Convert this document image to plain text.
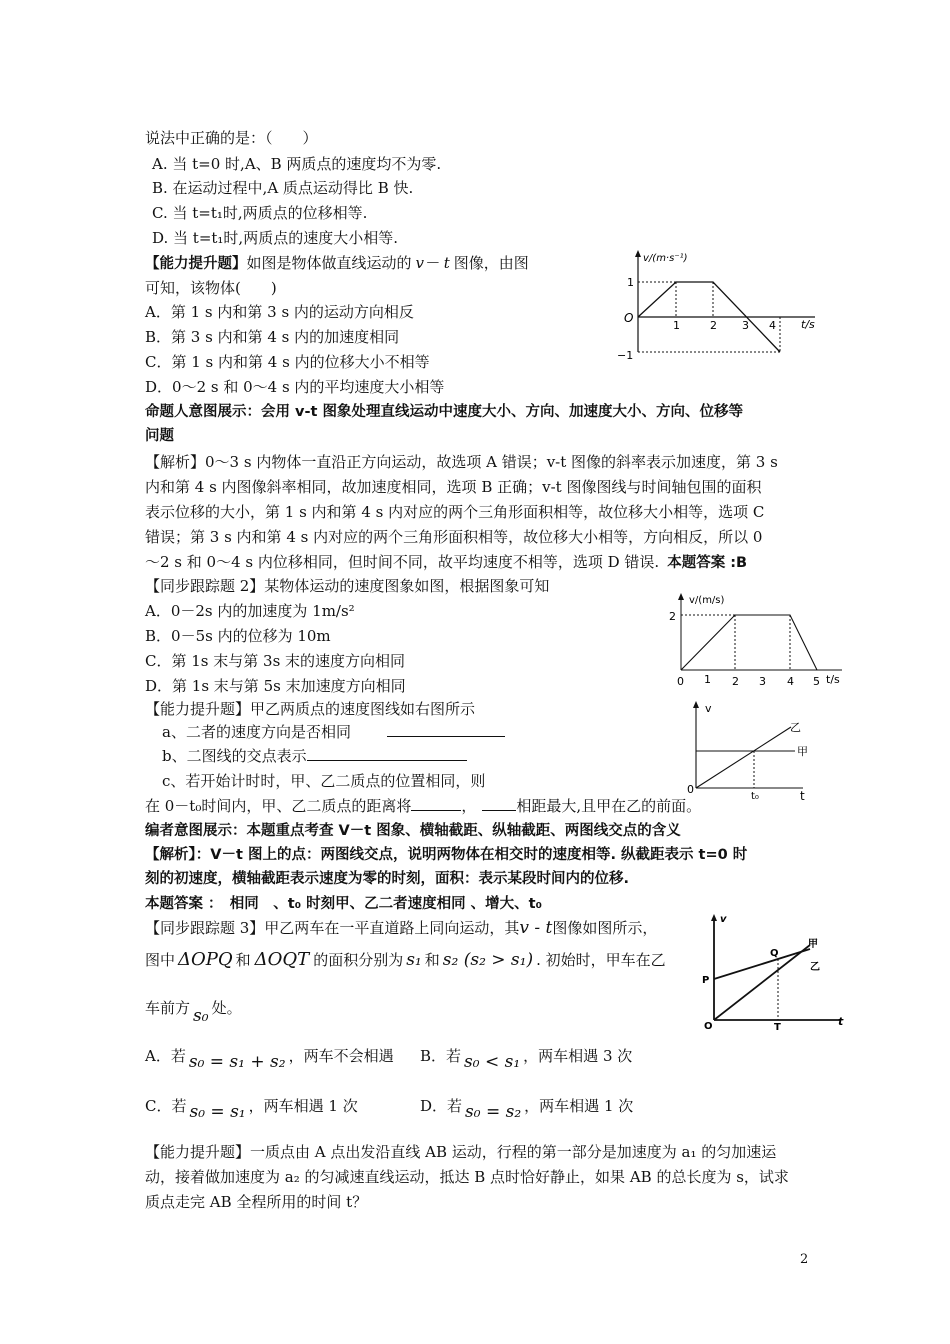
说法中正确的是：（　　）
A. 当 t=0 时,A、B 两质点的速度均不为零.
B. 在运动过程中,A 质点运动得比 B 快.
C. 当 t=t₁时,两质点的位移相等.
D. 当 t=t₁时,两质点的速度大小相等.
【能力提升题】如图是物体做直线运动的 v－ t 图像，由图
可知，该物体(　　)
A．第 1 s 内和第 3 s 内的运动方向相反
B．第 3 s 内和第 4 s 内的加速度相同
C．第 1 s 内和第 4 s 内的位移大小不相等
D．0～2 s 和 0～4 s 内的平均速度大小相等
命题人意图展示：会用 v-t 图象处理直线运动中速度大小、方向、加速度大小、方向、位移等
问题
【解析】0～3 s 内物体一直沿正方向运动，故选项 A 错误；v-t 图像的斜率表示加速度，第 3 s
内和第 4 s 内图像斜率相同，故加速度相同，选项 B 正确；v-t 图像图线与时间轴包围的面积
表示位移的大小，第 1 s 内和第 4 s 内对应的两个三角形面积相等，故位移大小相等，选项 C
错误；第 3 s 内和第 4 s 内对应的两个三角形面积相等，故位移大小相等，方向相反，所以 0
～2 s 和 0～4 s 内位移相同，但时间不同，故平均速度不相等，选项 D 错误. 本题答案 :B
v/(m·s⁻¹)
t/s
O
1
−1
1	2 3 4
【同步跟踪题 2】某物体运动的速度图象如图，根据图象可知
A．0－2s 内的加速度为 1m/s²
B．0－5s 内的位移为 10m
C．第 1s 末与第 3s 末的速度方向相同
D．第 1s 末与第 5s 末加速度方向相同
v/(m/s)
2
0 1 2 3 4 5 t/s
【能力提升题】甲乙两质点的速度图线如右图所示
a、二者的速度方向是否相同
b、二图线的交点表示
c、若开始计时时，甲、乙二质点的位置相同，则
在 0－t₀时间内，甲、乙二质点的距离将	，	相距最大,且甲在乙的前面。
编者意图展示：本题重点考查 V－t 图象、横轴截距、纵轴截距、两图线交点的含义
【解析】：V－t 图上的点：两图线交点，说明两物体在相交时的速度相等. 纵截距表示 t=0 时
刻的初速度，横轴截距表示速度为零的时刻，面积：表示某段时间内的位移.
本题答案 ：　相同　、t₀ 时刻甲、乙二者速度相同 、增大、t₀
v
t
0
乙
甲
t₀
【同步跟踪题 3】甲乙两车在一平直道路上同向运动，其v - t图像如图所示，
图中 ΔOPQ 和 ΔOQT 的面积分别为 s₁ 和 s₂ (s₂ > s₁) . 初始时，甲车在乙
车前方 s₀ 处。
A．若 s₀ = s₁ + s₂ ，两车不会相遇 B．若 s₀ < s₁ ，两车相遇 3 次
C．若 s₀ = s₁ ，两车相遇 1 次	D．若 s₀ = s₂ ，两车相遇 1 次
v
t
甲
乙
P
Q
O	T
【能力提升题】一质点由 A 点出发沿直线 AB 运动，行程的第一部分是加速度为 a₁ 的匀加速运
动，接着做加速度为 a₂ 的匀减速直线运动，抵达 B 点时恰好静止，如果 AB 的总长度为 s，试求
质点走完 AB 全程所用的时间 t？
2
